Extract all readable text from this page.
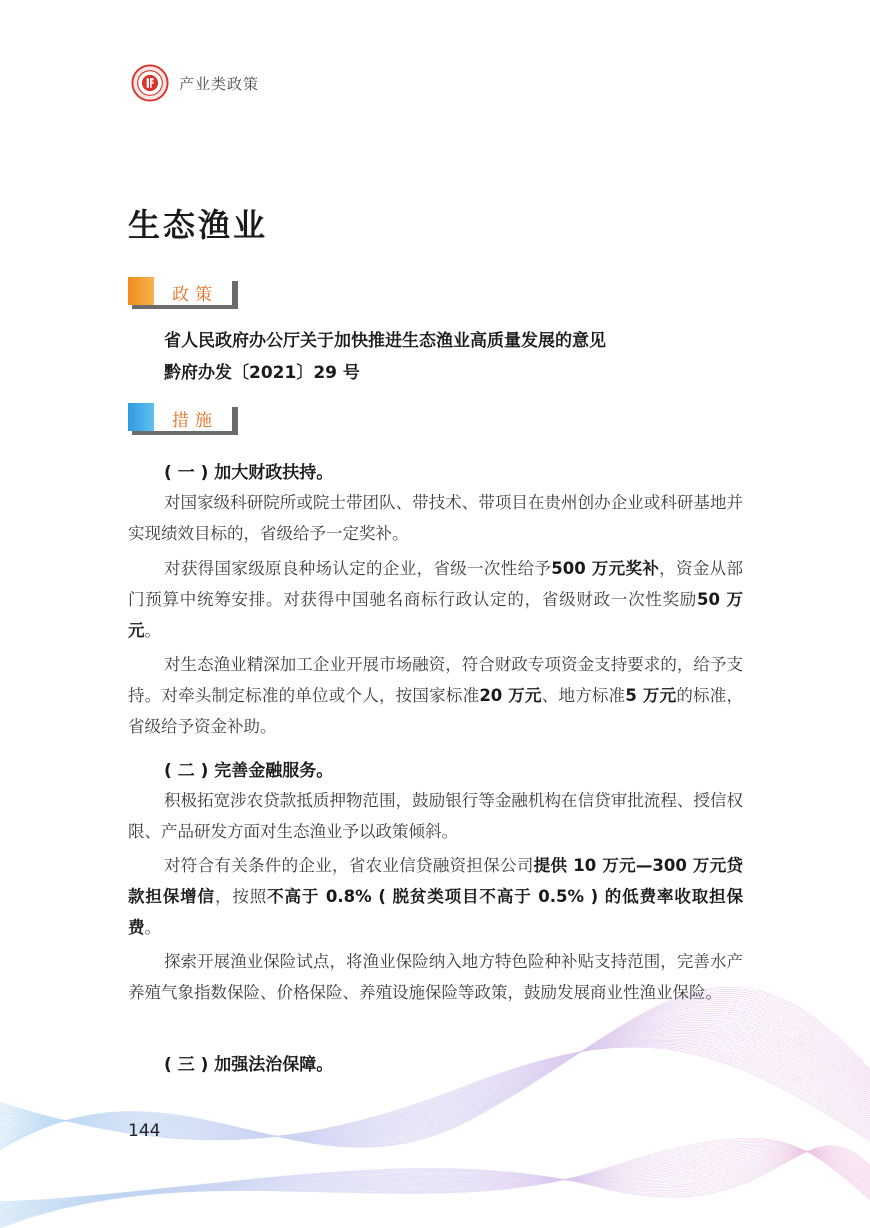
产业类政策
生态渔业
政策
省人民政府办公厅关于加快推进生态渔业高质量发展的意见
黔府办发〔2021〕29 号
措施
( 一 ) 加大财政扶持。
对国家级科研院所或院士带团队、带技术、带项目在贵州创办企业或科研基地并实现绩效目标的，省级给予一定奖补。
对获得国家级原良种场认定的企业，省级一次性给予500 万元奖补，资金从部门预算中统筹安排。对获得中国驰名商标行政认定的，省级财政一次性奖励50 万元。
对生态渔业精深加工企业开展市场融资，符合财政专项资金支持要求的，给予支持。对牵头制定标准的单位或个人，按国家标准20 万元、地方标准5 万元的标准，省级给予资金补助。
( 二 ) 完善金融服务。
积极拓宽涉农贷款抵质押物范围，鼓励银行等金融机构在信贷审批流程、授信权限、产品研发方面对生态渔业予以政策倾斜。
对符合有关条件的企业，省农业信贷融资担保公司提供 10 万元—300 万元贷款担保增信，按照不高于 0.8% ( 脱贫类项目不高于 0.5% ) 的低费率收取担保费。
探索开展渔业保险试点，将渔业保险纳入地方特色险种补贴支持范围，完善水产养殖气象指数保险、价格保险、养殖设施保险等政策，鼓励发展商业性渔业保险。
( 三 ) 加强法治保障。
144
